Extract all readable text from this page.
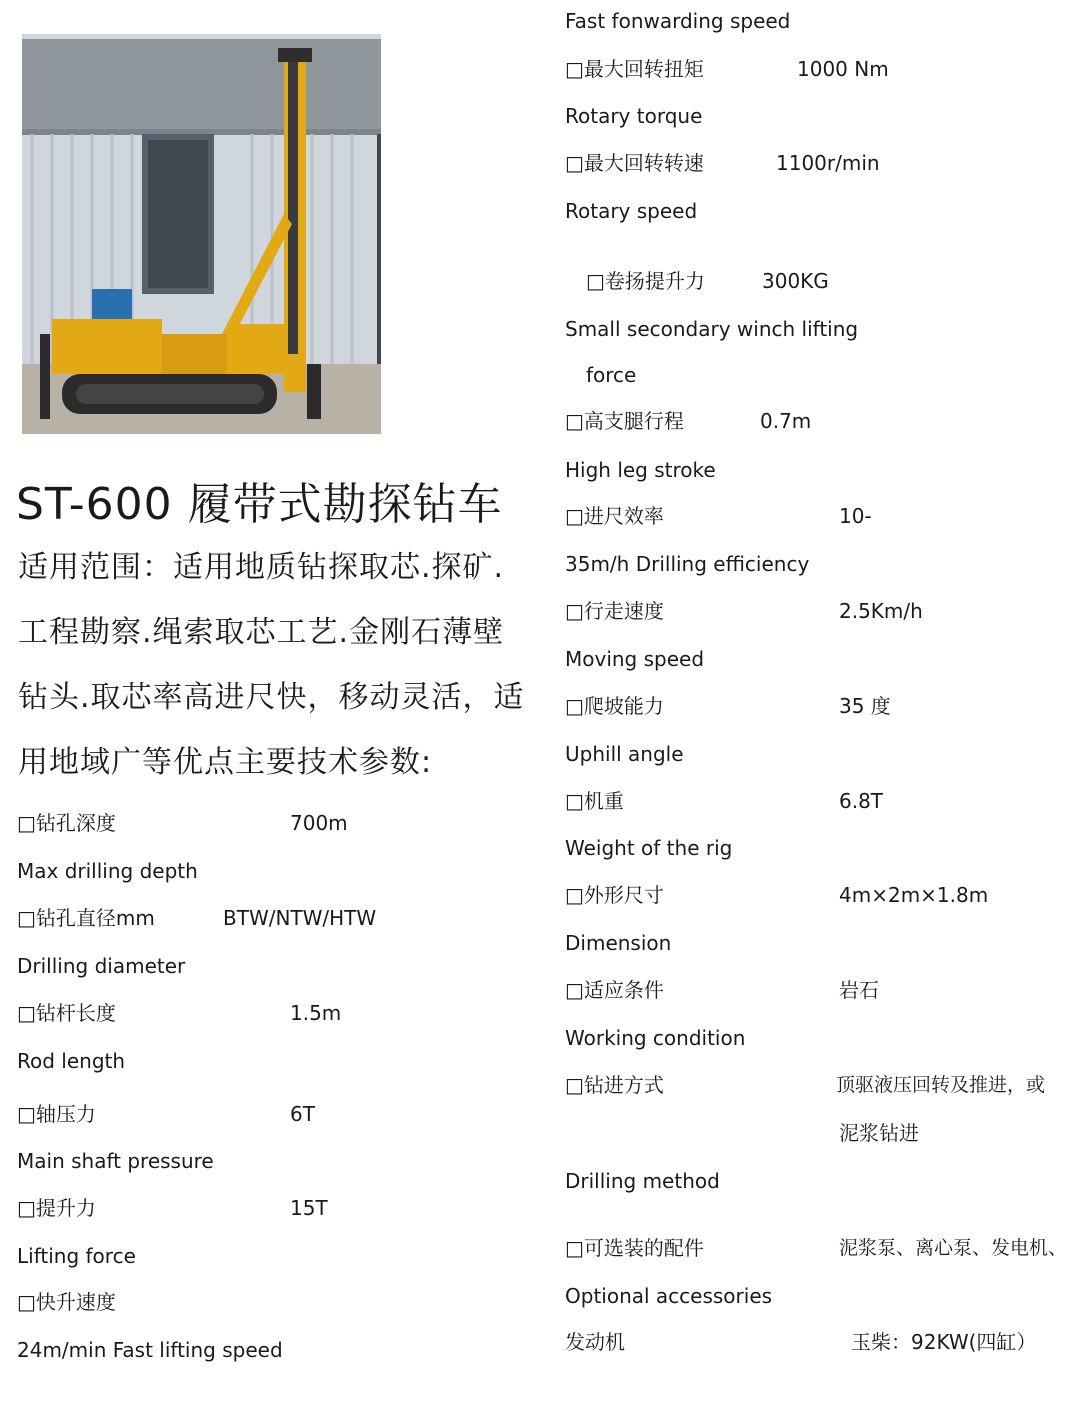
ST-600 履带式勘探钻车
适用范围：适用地质钻探取芯.探矿.
工程勘察.绳索取芯工艺.金刚石薄壁
钻头.取芯率高进尺快，移动灵活，适
用地域广等优点主要技术参数:
□钻孔深度	700m
Max drilling depth
□钻孔直径mm	BTW/NTW/HTW
Drilling diameter
□钻杆长度	1.5m
Rod length
□轴压力	6T
Main shaft pressure
□提升力	15T
Lifting force
□快升速度
24m/min Fast lifting speed
Fast fonwarding speed
□最大回转扭矩	1000 Nm
Rotary torque
□最大回转转速	1100r/min
Rotary speed
□卷扬提升力	300KG
Small secondary winch lifting
force
□高支腿行程	0.7m
High leg stroke
□进尺效率	10-
35m/h Drilling efficiency
□行走速度	2.5Km/h
Moving speed
□爬坡能力	35 度
Uphill angle
□机重	6.8T
Weight of the rig
□外形尺寸	4m×2m×1.8m
Dimension
□适应条件	岩石
Working condition
□钻进方式	顶驱液压回转及推进，或
泥浆钻进
Drilling method
□可选装的配件	泥浆泵、离心泵、发电机、
Optional accessories
发动机	玉柴：92KW(四缸）
